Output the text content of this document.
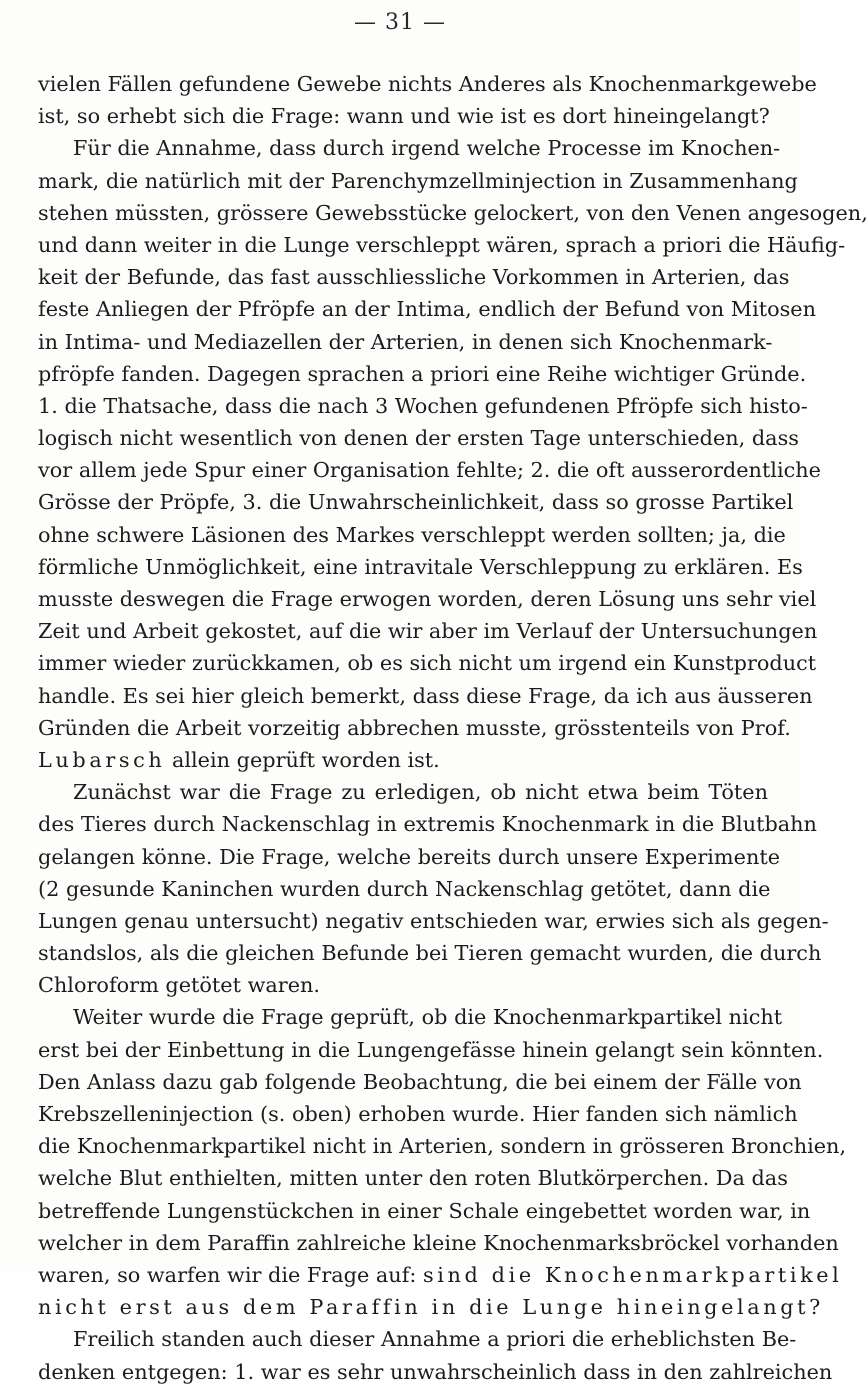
— 31 —
vielen Fällen gefundene Gewebe nichts Anderes als Knochenmarkgewebe
ist, so erhebt sich die Frage: wann und wie ist es dort hineingelangt?
Für die Annahme, dass durch irgend welche Processe im Knochen-
mark, die natürlich mit der Parenchymzellminjection in Zusammenhang
stehen müssten, grössere Gewebsstücke gelockert, von den Venen angesogen,
und dann weiter in die Lunge verschleppt wären, sprach a priori die Häufig-
keit der Befunde, das fast ausschliessliche Vorkommen in Arterien, das
feste Anliegen der Pfröpfe an der Intima, endlich der Befund von Mitosen
in Intima- und Mediazellen der Arterien, in denen sich Knochenmark-
pfröpfe fanden. Dagegen sprachen a priori eine Reihe wichtiger Gründe.
1. die Thatsache, dass die nach 3 Wochen gefundenen Pfröpfe sich histo-
logisch nicht wesentlich von denen der ersten Tage unterschieden, dass
vor allem jede Spur einer Organisation fehlte; 2. die oft ausserordentliche
Grösse der Pröpfe, 3. die Unwahrscheinlichkeit, dass so grosse Partikel
ohne schwere Läsionen des Markes verschleppt werden sollten; ja, die
förmliche Unmöglichkeit, eine intravitale Verschleppung zu erklären. Es
musste deswegen die Frage erwogen worden, deren Lösung uns sehr viel
Zeit und Arbeit gekostet, auf die wir aber im Verlauf der Untersuchungen
immer wieder zurückkamen, ob es sich nicht um irgend ein Kunstproduct
handle. Es sei hier gleich bemerkt, dass diese Frage, da ich aus äusseren
Gründen die Arbeit vorzeitig abbrechen musste, grösstenteils von Prof.
Lubarsch allein geprüft worden ist.
Zunächst war die Frage zu erledigen, ob nicht etwa beim Töten
des Tieres durch Nackenschlag in extremis Knochenmark in die Blutbahn
gelangen könne. Die Frage, welche bereits durch unsere Experimente
(2 gesunde Kaninchen wurden durch Nackenschlag getötet, dann die
Lungen genau untersucht) negativ entschieden war, erwies sich als gegen-
standslos, als die gleichen Befunde bei Tieren gemacht wurden, die durch
Chloroform getötet waren.
Weiter wurde die Frage geprüft, ob die Knochenmarkpartikel nicht
erst bei der Einbettung in die Lungengefässe hinein gelangt sein könnten.
Den Anlass dazu gab folgende Beobachtung, die bei einem der Fälle von
Krebszelleninjection (s. oben) erhoben wurde. Hier fanden sich nämlich
die Knochenmarkpartikel nicht in Arterien, sondern in grösseren Bronchien,
welche Blut enthielten, mitten unter den roten Blutkörperchen. Da das
betreffende Lungenstückchen in einer Schale eingebettet worden war, in
welcher in dem Paraffin zahlreiche kleine Knochenmarksbröckel vorhanden
waren, so warfen wir die Frage auf: sind die Knochenmarkpartikel
nicht erst aus dem Paraffin in die Lunge hineingelangt?
Freilich standen auch dieser Annahme a priori die erheblichsten Be-
denken entgegen: 1. war es sehr unwahrscheinlich dass in den zahlreichen
